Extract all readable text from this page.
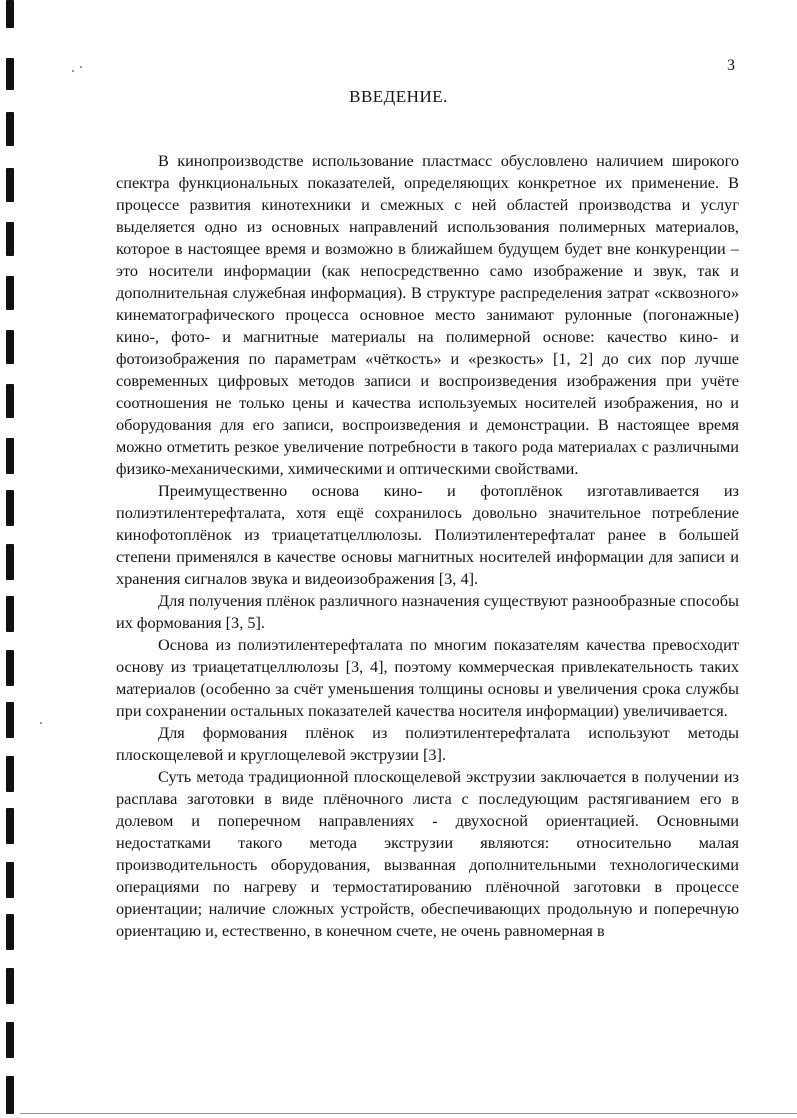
3
ВВЕДЕНИЕ.

В кинопроизводстве использование пластмасс обусловлено наличием широкого спектра функциональных показателей, определяющих конкретное их применение. В процессе развития кинотехники и смежных с ней областей производства и услуг выделяется одно из основных направлений использования полимерных материалов, которое в настоящее время и возможно в ближайшем будущем будет вне конкуренции – это носители информации (как непосредственно само изображение и звук, так и дополнительная служебная информация). В структуре распределения затрат «сквозного» кинематографического процесса основное место занимают рулонные (погонажные) кино-, фото- и магнитные материалы на полимерной основе: качество кино- и фотоизображения по параметрам «чёткость» и «резкость» [1, 2] до сих пор лучше современных цифровых методов записи и воспроизведения изображения при учёте соотношения не только цены и качества используемых носителей изображения, но и оборудования для его записи, воспроизведения и демонстрации. В настоящее время можно отметить резкое увеличение потребности в такого рода материалах с различными физико-механическими, химическими и оптическими свойствами.

Преимущественно основа кино- и фотоплёнок изготавливается из полиэтилентерефталата, хотя ещё сохранилось довольно значительное потребление кинофотоплёнок из триацетатцеллюлозы. Полиэтилентерефталат ранее в большей степени применялся в качестве основы магнитных носителей информации для записи и хранения сигналов звука и видеоизображения [3, 4].

Для получения плёнок различного назначения существуют разнообразные способы их формования [3, 5].

Основа из полиэтилентерефталата по многим показателям качества превосходит основу из триацетатцеллюлозы [3, 4], поэтому коммерческая привлекательность таких материалов (особенно за счёт уменьшения толщины основы и увеличения срока службы при сохранении остальных показателей качества носителя информации) увеличивается.

Для формования плёнок из полиэтилентерефталата используют методы плоскощелевой и круглощелевой экструзии [3].

Суть метода традиционной плоскощелевой экструзии заключается в получении из расплава заготовки в виде плёночного листа с последующим растягиванием его в долевом и поперечном направлениях - двухосной ориентацией. Основными недостатками такого метода экструзии являются: относительно малая производительность оборудования, вызванная дополнительными технологическими операциями по нагреву и термостатированию плёночной заготовки в процессе ориентации; наличие сложных устройств, обеспечивающих продольную и поперечную ориентацию и, естественно, в конечном счете, не очень равномерная в
